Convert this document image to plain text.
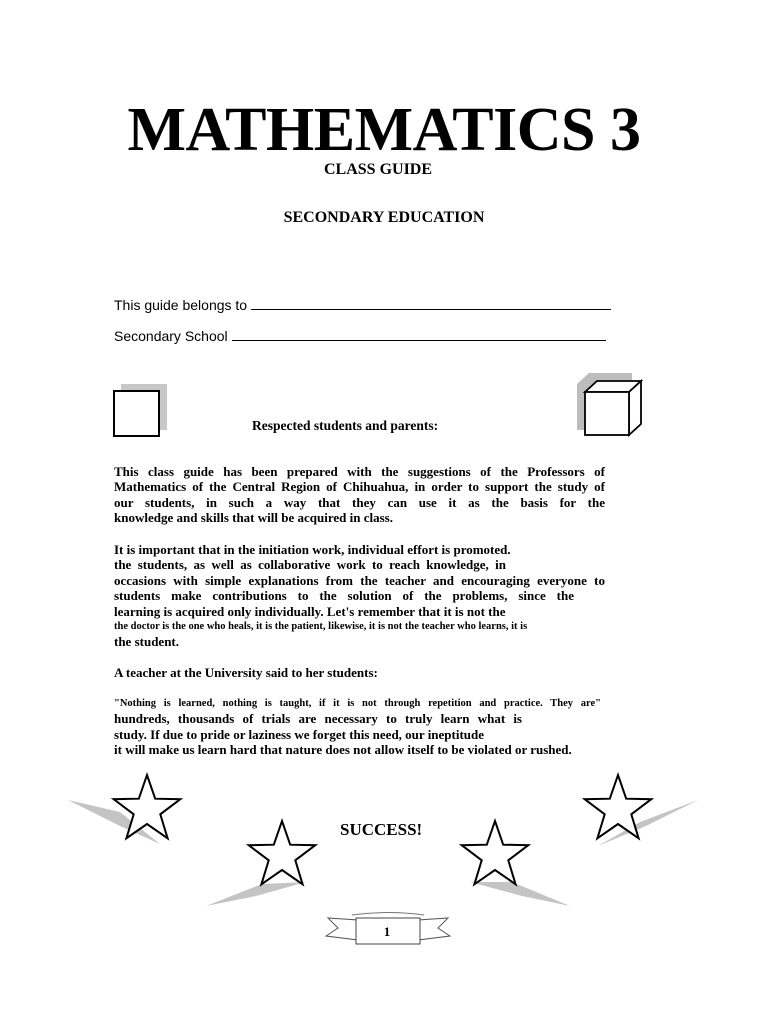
MATHEMATICS 3
CLASS GUIDE
SECONDARY EDUCATION
This guide belongs to
Secondary School
Respected students and parents:
This class guide has been prepared with the suggestions of the Professors of
Mathematics of the Central Region of Chihuahua, in order to support the study of
our students, in such a way that they can use it as the basis for the
knowledge and skills that will be acquired in class.
It is important that in the initiation work, individual effort is promoted.
the students, as well as collaborative work to reach knowledge, in
occasions with simple explanations from the teacher and encouraging everyone to
students make contributions to the solution of the problems, since the
learning is acquired only individually. Let's remember that it is not the
the doctor is the one who heals, it is the patient, likewise, it is not the teacher who learns, it is
the student.
A teacher at the University said to her students:
"Nothing is learned, nothing is taught, if it is not through repetition and practice. They are"
hundreds, thousands of trials are necessary to truly learn what is
study. If due to pride or laziness we forget this need, our ineptitude
it will make us learn hard that nature does not allow itself to be violated or rushed.
SUCCESS!
1
